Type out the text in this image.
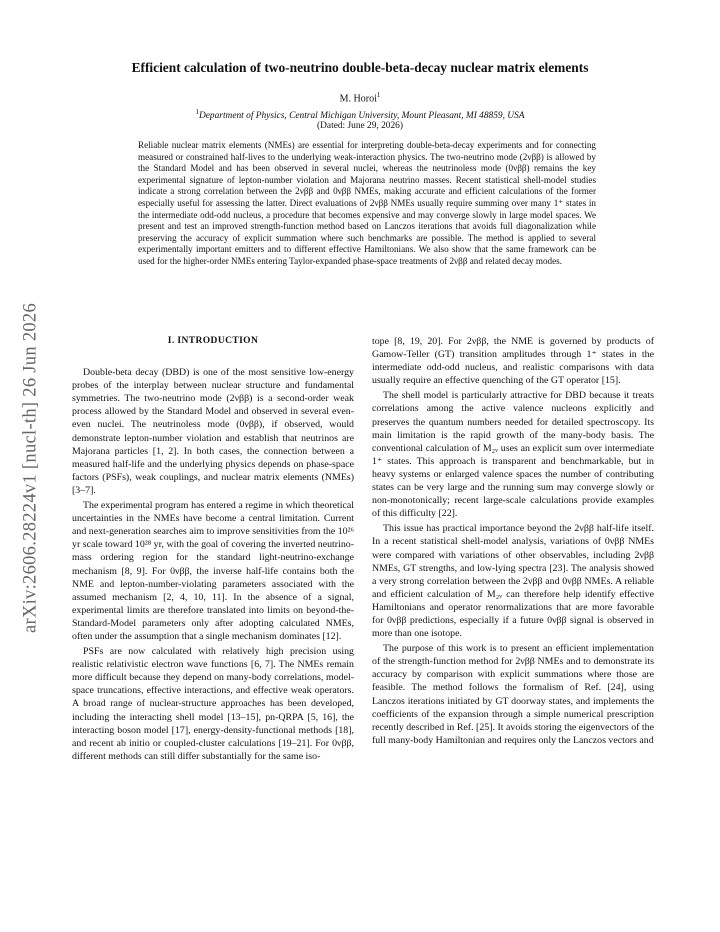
arXiv:2606.28224v1 [nucl-th] 26 Jun 2026
Efficient calculation of two-neutrino double-beta-decay nuclear matrix elements
M. Horoi$^1$
$^1$Department of Physics, Central Michigan University, Mount Pleasant, MI 48859, USA
(Dated: June 29, 2026)
Reliable nuclear matrix elements (NMEs) are essential for interpreting double-beta-decay experiments and for connecting measured or constrained half-lives to the underlying weak-interaction physics. The two-neutrino mode (2νββ) is allowed by the Standard Model and has been observed in several nuclei, whereas the neutrinoless mode (0νββ) remains the key experimental signature of lepton-number violation and Majorana neutrino masses. Recent statistical shell-model studies indicate a strong correlation between the 2νββ and 0νββ NMEs, making accurate and efficient calculations of the former especially useful for assessing the latter. Direct evaluations of 2νββ NMEs usually require summing over many 1⁺ states in the intermediate odd-odd nucleus, a procedure that becomes expensive and may converge slowly in large model spaces. We present and test an improved strength-function method based on Lanczos iterations that avoids full diagonalization while preserving the accuracy of explicit summation where such benchmarks are possible. The method is applied to several experimentally important emitters and to different effective Hamiltonians. We also show that the same framework can be used for the higher-order NMEs entering Taylor-expanded phase-space treatments of 2νββ and related decay modes.
I. INTRODUCTION

Double-beta decay (DBD) is one of the most sensitive low-energy probes of the interplay between nuclear structure and fundamental symmetries. The two-neutrino mode (2νββ) is a second-order weak process allowed by the Standard Model and observed in several even-even nuclei. The neutrinoless mode (0νββ), if observed, would demonstrate lepton-number violation and establish that neutrinos are Majorana particles [1, 2]. In both cases, the connection between a measured half-life and the underlying physics depends on phase-space factors (PSFs), weak couplings, and nuclear matrix elements (NMEs) [3–7].

The experimental program has entered a regime in which theoretical uncertainties in the NMEs have become a central limitation. Current and next-generation searches aim to improve sensitivities from the 10²⁶ yr scale toward 10²⁸ yr, with the goal of covering the inverted neutrino-mass ordering region for the standard light-neutrino-exchange mechanism [8, 9]. For 0νββ, the inverse half-life contains both the NME and lepton-number-violating parameters associated with the assumed mechanism [2, 4, 10, 11]. In the absence of a signal, experimental limits are therefore translated into limits on beyond-the-Standard-Model parameters only after adopting calculated NMEs, often under the assumption that a single mechanism dominates [12].

PSFs are now calculated with relatively high precision using realistic relativistic electron wave functions [6, 7]. The NMEs remain more difficult because they depend on many-body correlations, model-space truncations, effective interactions, and effective weak operators. A broad range of nuclear-structure approaches has been developed, including the interacting shell model [13–15], pn-QRPA [5, 16], the interacting boson model [17], energy-density-functional methods [18], and recent ab initio or coupled-cluster calculations [19–21]. For 0νββ, different methods can still differ substantially for the same iso-

tope [8, 19, 20]. For 2νββ, the NME is governed by products of Gamow-Teller (GT) transition amplitudes through 1⁺ states in the intermediate odd-odd nucleus, and realistic comparisons with data usually require an effective quenching of the GT operator [15].

The shell model is particularly attractive for DBD because it treats correlations among the active valence nucleons explicitly and preserves the quantum numbers needed for detailed spectroscopy. Its main limitation is the rapid growth of the many-body basis. The conventional calculation of M₂ᵥ uses an explicit sum over intermediate 1⁺ states. This approach is transparent and benchmarkable, but in heavy systems or enlarged valence spaces the number of contributing states can be very large and the running sum may converge slowly or non-monotonically; recent large-scale calculations provide examples of this difficulty [22].

This issue has practical importance beyond the 2νββ half-life itself. In a recent statistical shell-model analysis, variations of 0νββ NMEs were compared with variations of other observables, including 2νββ NMEs, GT strengths, and low-lying spectra [23]. The analysis showed a very strong correlation between the 2νββ and 0νββ NMEs. A reliable and efficient calculation of M₂ᵥ can therefore help identify effective Hamiltonians and operator renormalizations that are more favorable for 0νββ predictions, especially if a future 0νββ signal is observed in more than one isotope.

The purpose of this work is to present an efficient implementation of the strength-function method for 2νββ NMEs and to demonstrate its accuracy by comparison with explicit summations where those are feasible. The method follows the formalism of Ref. [24], using Lanczos iterations initiated by GT doorway states, and implements the coefficients of the expansion through a simple numerical prescription recently described in Ref. [25]. It avoids storing the eigenvectors of the full many-body Hamiltonian and requires only the Lanczos vectors and
